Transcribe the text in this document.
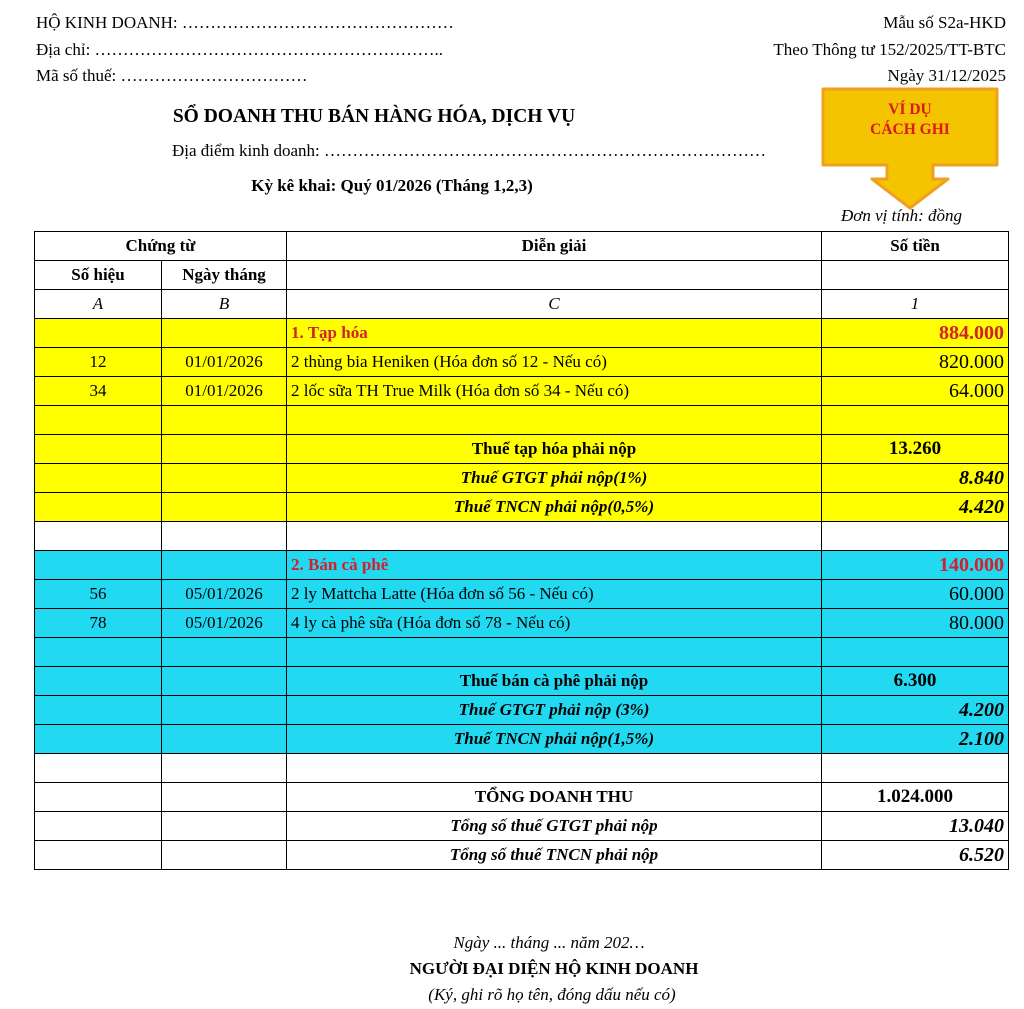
HỘ KINH DOANH: …………………………………………
Địa chỉ: ……………………………………………………..
Mã số thuế: ……………………………
Mẫu số S2a-HKD
Theo Thông tư 152/2025/TT-BTC
Ngày 31/12/2025
SỔ DOANH THU BÁN HÀNG HÓA, DỊCH VỤ
Địa điểm kinh doanh: ……………………………………………………………………
Kỳ kê khai: Quý 01/2026 (Tháng 1,2,3)
Đơn vị tính: đồng
VÍ DỤ
CÁCH GHI
Chứng từ		Diễn giải	Số tiền
Số hiệu	Ngày tháng		
A	B	C	1
		1. Tạp hóa	884.000
12	01/01/2026	2 thùng bia Heniken (Hóa đơn số 12 - Nếu có)	820.000
34	01/01/2026	2 lốc sữa TH True Milk (Hóa đơn số 34 - Nếu có)	64.000

		Thuế tạp hóa phải nộp	13.260
		Thuế GTGT phải nộp(1%)	8.840
		Thuế TNCN phải nộp(0,5%)	4.420

		2. Bán cà phê	140.000
56	05/01/2026	2 ly Mattcha Latte (Hóa đơn số 56 - Nếu có)	60.000
78	05/01/2026	4 ly cà phê sữa (Hóa đơn số 78 - Nếu có)	80.000

		Thuế bán cà phê phải nộp	6.300
		Thuế GTGT phải nộp (3%)	4.200
		Thuế TNCN phải nộp(1,5%)	2.100

		TỔNG DOANH THU	1.024.000
		Tổng số thuế GTGT phải nộp	13.040
		Tổng số thuế TNCN phải nộp	6.520
Ngày ... tháng ... năm 202…
NGƯỜI ĐẠI DIỆN HỘ KINH DOANH
(Ký, ghi rõ họ tên, đóng dấu nếu có)
